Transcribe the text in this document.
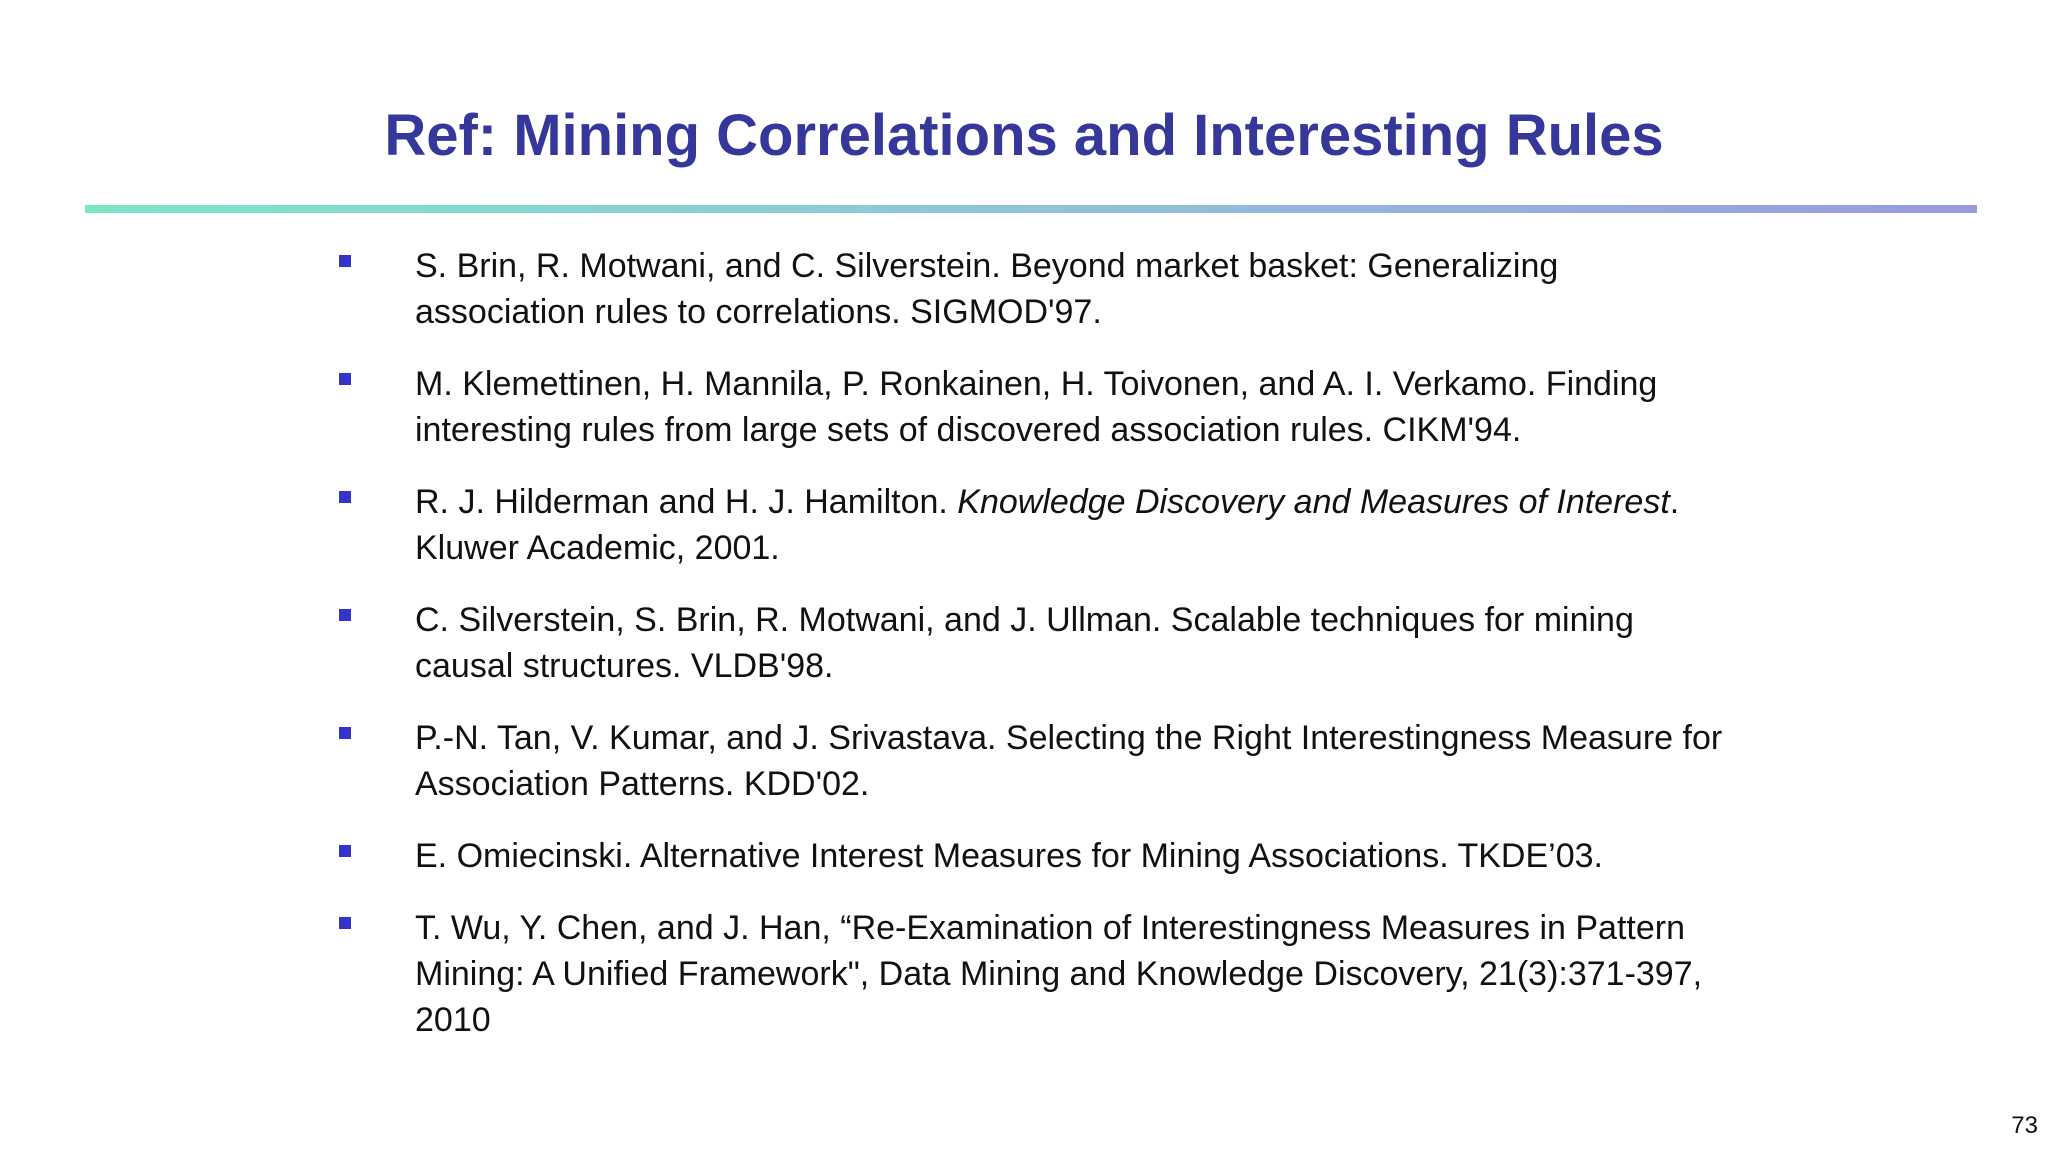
Ref: Mining Correlations and Interesting Rules
S. Brin, R. Motwani, and C. Silverstein. Beyond market basket: Generalizing association rules to correlations. SIGMOD'97.
M. Klemettinen, H. Mannila, P. Ronkainen, H. Toivonen, and A. I. Verkamo. Finding interesting rules from large sets of discovered association rules. CIKM'94.
R. J. Hilderman and H. J. Hamilton. Knowledge Discovery and Measures of Interest. Kluwer Academic, 2001.
C. Silverstein, S. Brin, R. Motwani, and J. Ullman. Scalable techniques for mining causal structures. VLDB'98.
P.-N. Tan, V. Kumar, and J. Srivastava. Selecting the Right Interestingness Measure for Association Patterns. KDD'02.
E. Omiecinski. Alternative Interest Measures for Mining Associations. TKDE’03.
T. Wu, Y. Chen, and J. Han, “Re-Examination of Interestingness Measures in Pattern Mining: A Unified Framework", Data Mining and Knowledge Discovery, 21(3):371-397, 2010
73
